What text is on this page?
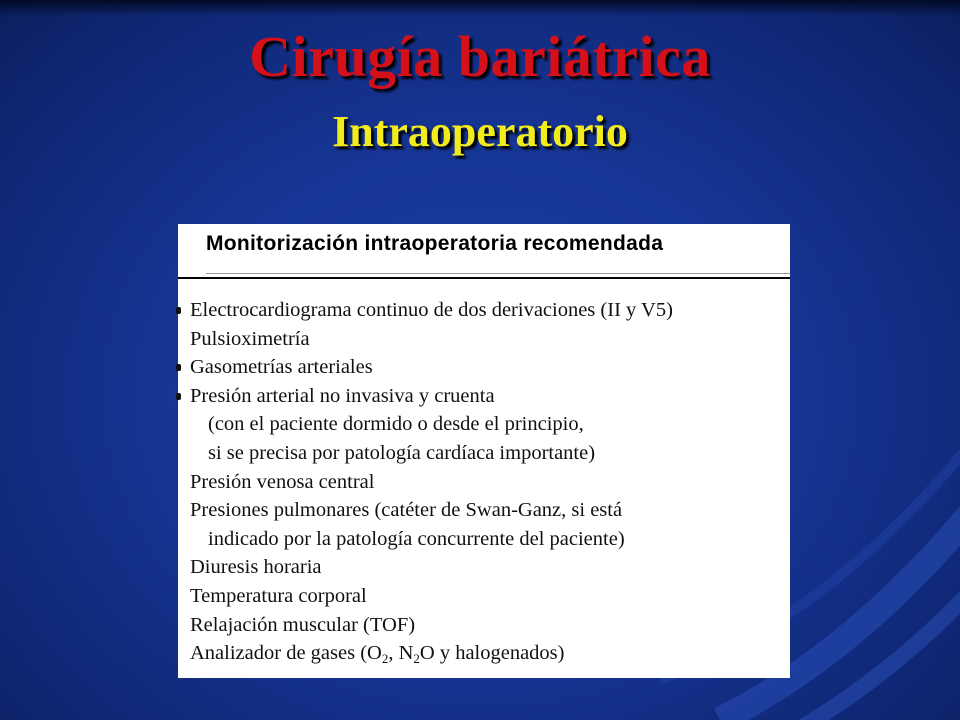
Cirugía bariátrica
Intraoperatorio
Monitorización intraoperatoria recomendada
Electrocardiograma continuo de dos derivaciones (II y V5)
Pulsioximetría
Gasometrías arteriales
Presión arterial no invasiva y cruenta
(con el paciente dormido o desde el principio,
si se precisa por patología cardíaca importante)
Presión venosa central
Presiones pulmonares (catéter de Swan-Ganz, si está
indicado por la patología concurrente del paciente)
Diuresis horaria
Temperatura corporal
Relajación muscular (TOF)
Analizador de gases ($O_2$, $N_2O$ y halogenados)
